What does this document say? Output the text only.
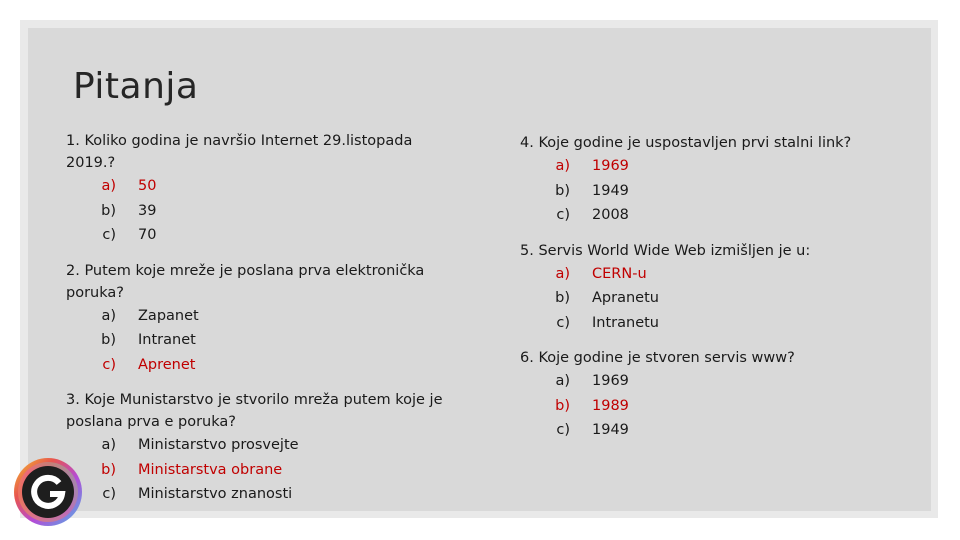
Pitanja
1. Koliko godina je navršio Internet 29.listopada 2019.?
a) 50
b) 39
c) 70
2. Putem koje mreže je poslana prva elektronička poruka?
a) Zapanet
b) Intranet
c) Aprenet
3. Koje Munistarstvo je stvorilo mreža putem koje je poslana prva e poruka?
a) Ministarstvo prosvejte
b) Ministarstva obrane
c) Ministarstvo znanosti
4. Koje godine je uspostavljen prvi stalni link?
a) 1969
b) 1949
c) 2008
5. Servis World Wide Web izmišljen je u:
a) CERN-u
b) Apranetu
c) Intranetu
6. Koje godine je stvoren servis www?
a) 1969
b) 1989
c) 1949
